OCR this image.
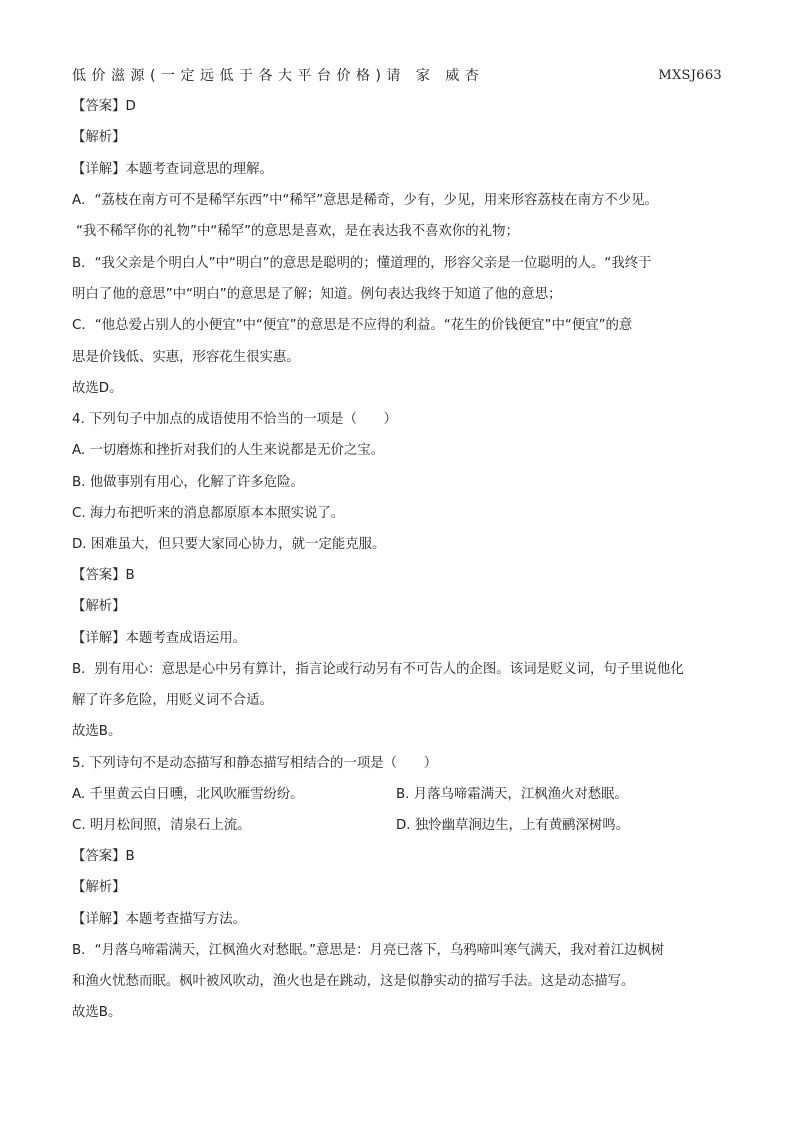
低价滋源(一定远低于各大平台价格)请 家 威杏	MXSJ663
【答案】D
【解析】
【详解】本题考查词意思的理解。
A．“荔枝在南方可不是稀罕东西”中“稀罕”意思是稀奇，少有，少见，用来形容荔枝在南方不少见。
“我不稀罕你的礼物”中“稀罕”的意思是喜欢，是在表达我不喜欢你的礼物；
B．“我父亲是个明白人”中“明白”的意思是聪明的；懂道理的，形容父亲是一位聪明的人。“我终于
明白了他的意思”中“明白”的意思是了解；知道。例句表达我终于知道了他的意思；
C．“他总爱占别人的小便宜”中“便宜”的意思是不应得的利益。“花生的价钱便宜”中“便宜”的意
思是价钱低、实惠，形容花生很实惠。
故选D。
4. 下列句子中加点的成语使用不恰当的一项是（　　）
A. 一切磨炼和挫折对我们的人生来说都是无价之宝。
B. 他做事别有用心，化解了许多危险。
C. 海力布把听来的消息都原原本本照实说了。
D. 困难虽大，但只要大家同心协力，就一定能克服。
【答案】B
【解析】
【详解】本题考查成语运用。
B．别有用心：意思是心中另有算计，指言论或行动另有不可告人的企图。该词是贬义词，句子里说他化
解了许多危险，用贬义词不合适。
故选B。
5. 下列诗句不是动态描写和静态描写相结合的一项是（　　）
A. 千里黄云白日曛，北风吹雁雪纷纷。	B. 月落乌啼霜满天，江枫渔火对愁眠。
C. 明月松间照，清泉石上流。	D. 独怜幽草涧边生，上有黄鹂深树鸣。
【答案】B
【解析】
【详解】本题考查描写方法。
B．“月落乌啼霜满天，江枫渔火对愁眠。”意思是：月亮已落下，乌鸦啼叫寒气满天，我对着江边枫树
和渔火忧愁而眠。枫叶被风吹动，渔火也是在跳动，这是似静实动的描写手法。这是动态描写。
故选B。
